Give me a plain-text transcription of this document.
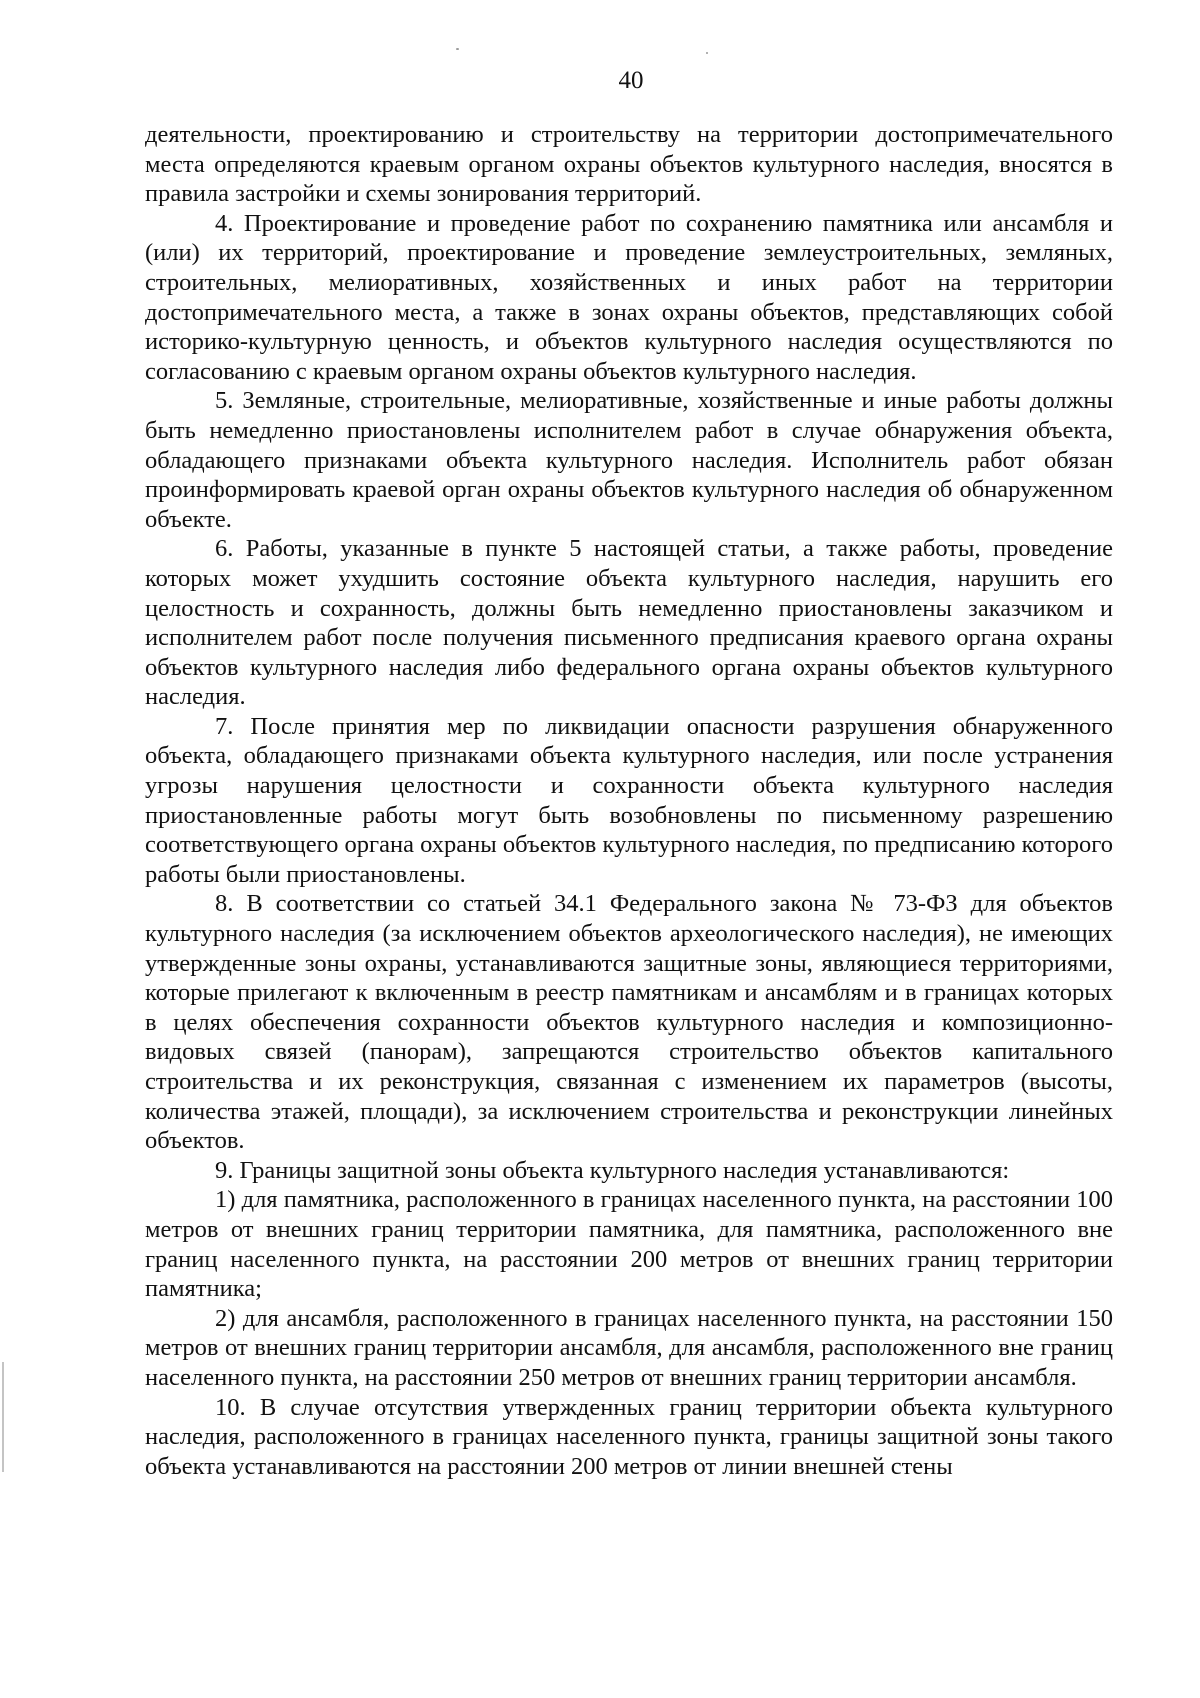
40

деятельности, проектированию и строительству на территории достопримечательного места определяются краевым органом охраны объектов культурного наследия, вносятся в правила застройки и схемы зонирования территорий.

4. Проектирование и проведение работ по сохранению памятника или ансамбля и (или) их территорий, проектирование и проведение землеустроительных, земляных, строительных, мелиоративных, хозяйственных и иных работ на территории достопримечательного места, а также в зонах охраны объектов, представляющих собой историко-культурную ценность, и объектов культурного наследия осуществляются по согласованию с краевым органом охраны объектов культурного наследия.

5. Земляные, строительные, мелиоративные, хозяйственные и иные работы должны быть немедленно приостановлены исполнителем работ в случае обнаружения объекта, обладающего признаками объекта культурного наследия. Исполнитель работ обязан проинформировать краевой орган охраны объектов культурного наследия об обнаруженном объекте.

6. Работы, указанные в пункте 5 настоящей статьи, а также работы, проведение которых может ухудшить состояние объекта культурного наследия, нарушить его целостность и сохранность, должны быть немедленно приостановлены заказчиком и исполнителем работ после получения письменного предписания краевого органа охраны объектов культурного наследия либо федерального органа охраны объектов культурного наследия.

7. После принятия мер по ликвидации опасности разрушения обнаруженного объекта, обладающего признаками объекта культурного наследия, или после устранения угрозы нарушения целостности и сохранности объекта культурного наследия приостановленные работы могут быть возобновлены по письменному разрешению соответствующего органа охраны объектов культурного наследия, по предписанию которого работы были приостановлены.

8. В соответствии со статьей 34.1 Федерального закона № 73-ФЗ для объектов культурного наследия (за исключением объектов археологического наследия), не имеющих утвержденные зоны охраны, устанавливаются защитные зоны, являющиеся территориями, которые прилегают к включенным в реестр памятникам и ансамблям и в границах которых в целях обеспечения сохранности объектов культурного наследия и композиционно-видовых связей (панорам), запрещаются строительство объектов капитального строительства и их реконструкция, связанная с изменением их параметров (высоты, количества этажей, площади), за исключением строительства и реконструкции линейных объектов.

9. Границы защитной зоны объекта культурного наследия устанавливаются:

1) для памятника, расположенного в границах населенного пункта, на расстоянии 100 метров от внешних границ территории памятника, для памятника, расположенного вне границ населенного пункта, на расстоянии 200 метров от внешних границ территории памятника;

2) для ансамбля, расположенного в границах населенного пункта, на расстоянии 150 метров от внешних границ территории ансамбля, для ансамбля, расположенного вне границ населенного пункта, на расстоянии 250 метров от внешних границ территории ансамбля.

10. В случае отсутствия утвержденных границ территории объекта культурного наследия, расположенного в границах населенного пункта, границы защитной зоны такого объекта устанавливаются на расстоянии 200 метров от линии внешней стены
